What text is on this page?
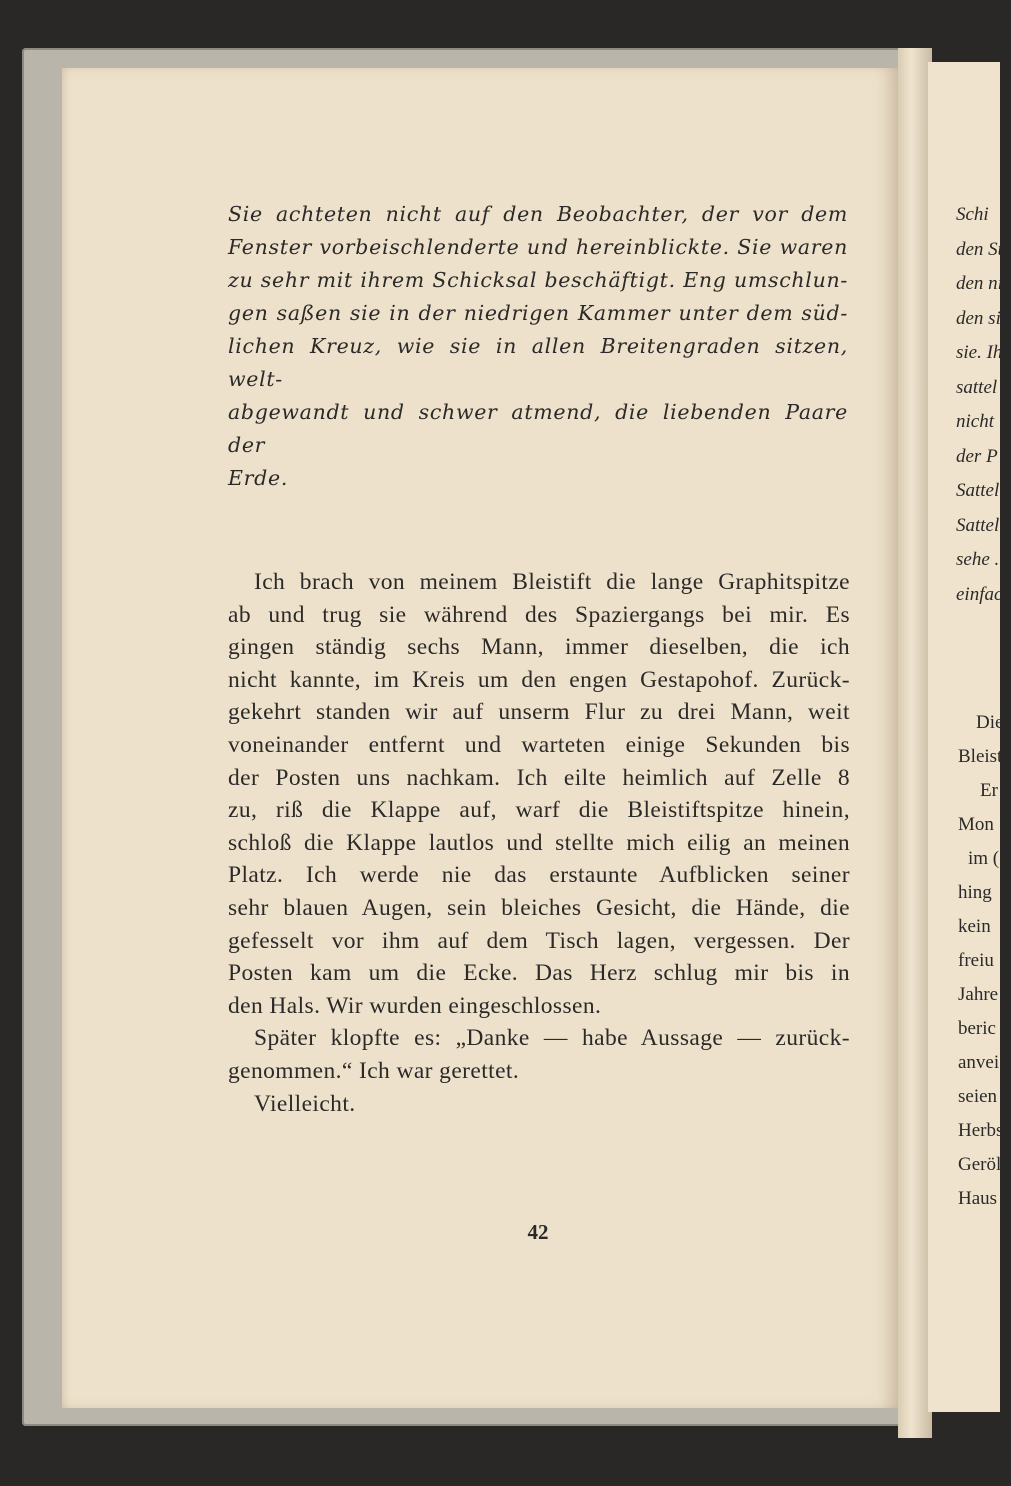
Sie achteten nicht auf den Beobachter, der vor dem
Fenster vorbeischlenderte und hereinblickte. Sie waren
zu sehr mit ihrem Schicksal beschäftigt. Eng umschlun-
gen saßen sie in der niedrigen Kammer unter dem süd-
lichen Kreuz, wie sie in allen Breitengraden sitzen, welt-
abgewandt und schwer atmend, die liebenden Paare der
Erde.
Ich brach von meinem Bleistift die lange Graphitspitze
ab und trug sie während des Spaziergangs bei mir. Es
gingen ständig sechs Mann, immer dieselben, die ich
nicht kannte, im Kreis um den engen Gestapohof. Zurück-
gekehrt standen wir auf unserm Flur zu drei Mann, weit
voneinander entfernt und warteten einige Sekunden bis
der Posten uns nachkam. Ich eilte heimlich auf Zelle 8
zu, riß die Klappe auf, warf die Bleistiftspitze hinein,
schloß die Klappe lautlos und stellte mich eilig an meinen
Platz. Ich werde nie das erstaunte Aufblicken seiner
sehr blauen Augen, sein bleiches Gesicht, die Hände, die
gefesselt vor ihm auf dem Tisch lagen, vergessen. Der
Posten kam um die Ecke. Das Herz schlug mir bis in
den Hals. Wir wurden eingeschlossen.
Später klopfte es: „Danke — habe Aussage — zurück-
genommen.“ Ich war gerettet.
Vielleicht.
42
Schi
den St
den nic
den si
sie. Ih
sattel
nicht
der P
Sattel
Sattel
sehe .
einfac
Die
Bleist
Er
Mon
im (
hing
kein
freiu
Jahre
beric
anvei
seien
Herbs
Geröl
Haus
